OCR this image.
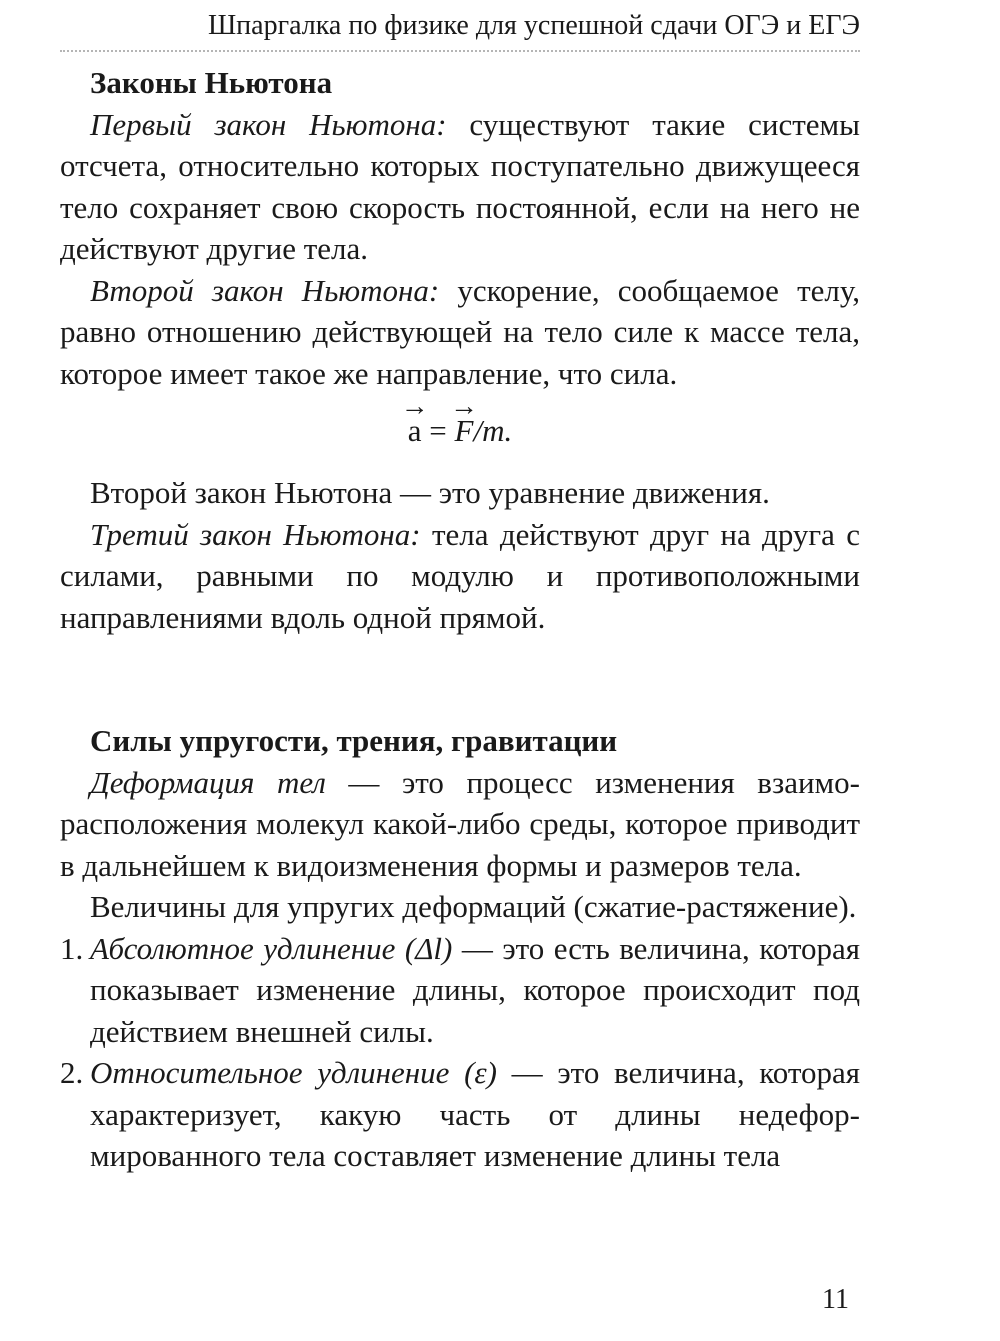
Шпаргалка по физике для успешной сдачи ОГЭ и ЕГЭ
Законы Ньютона

Первый закон Ньютона: существуют такие системы отсчета, относительно которых поступательно движущееся тело сохраняет свою скорость постоянной, если на него не действуют другие тела.

Второй закон Ньютона: ускорение, сообщаемое телу, равно отношению действующей на тело силе к массе тела, которое имеет такое же направление, что сила.

→ a = → F/m.

Второй закон Ньютона — это уравнение движения.

Третий закон Ньютона: тела действуют друг на друга с силами, равными по модулю и противоположными направлениями вдоль одной прямой.

Силы упругости, трения, гравитации

Деформация тел — это процесс изменения взаиморасположения молекул какой-либо среды, которое приводит в дальнейшем к видоизменения формы и размеров тела.

Величины для упругих деформаций (сжатие-растяжение).

1. Абсолютное удлинение (Δl) — это есть величина, которая показывает изменение длины, которое происходит под действием внешней силы.
2. Относительное удлинение (ε) — это величина, которая характеризует, какую часть от длины недеформированного тела составляет изменение длины тела
11
